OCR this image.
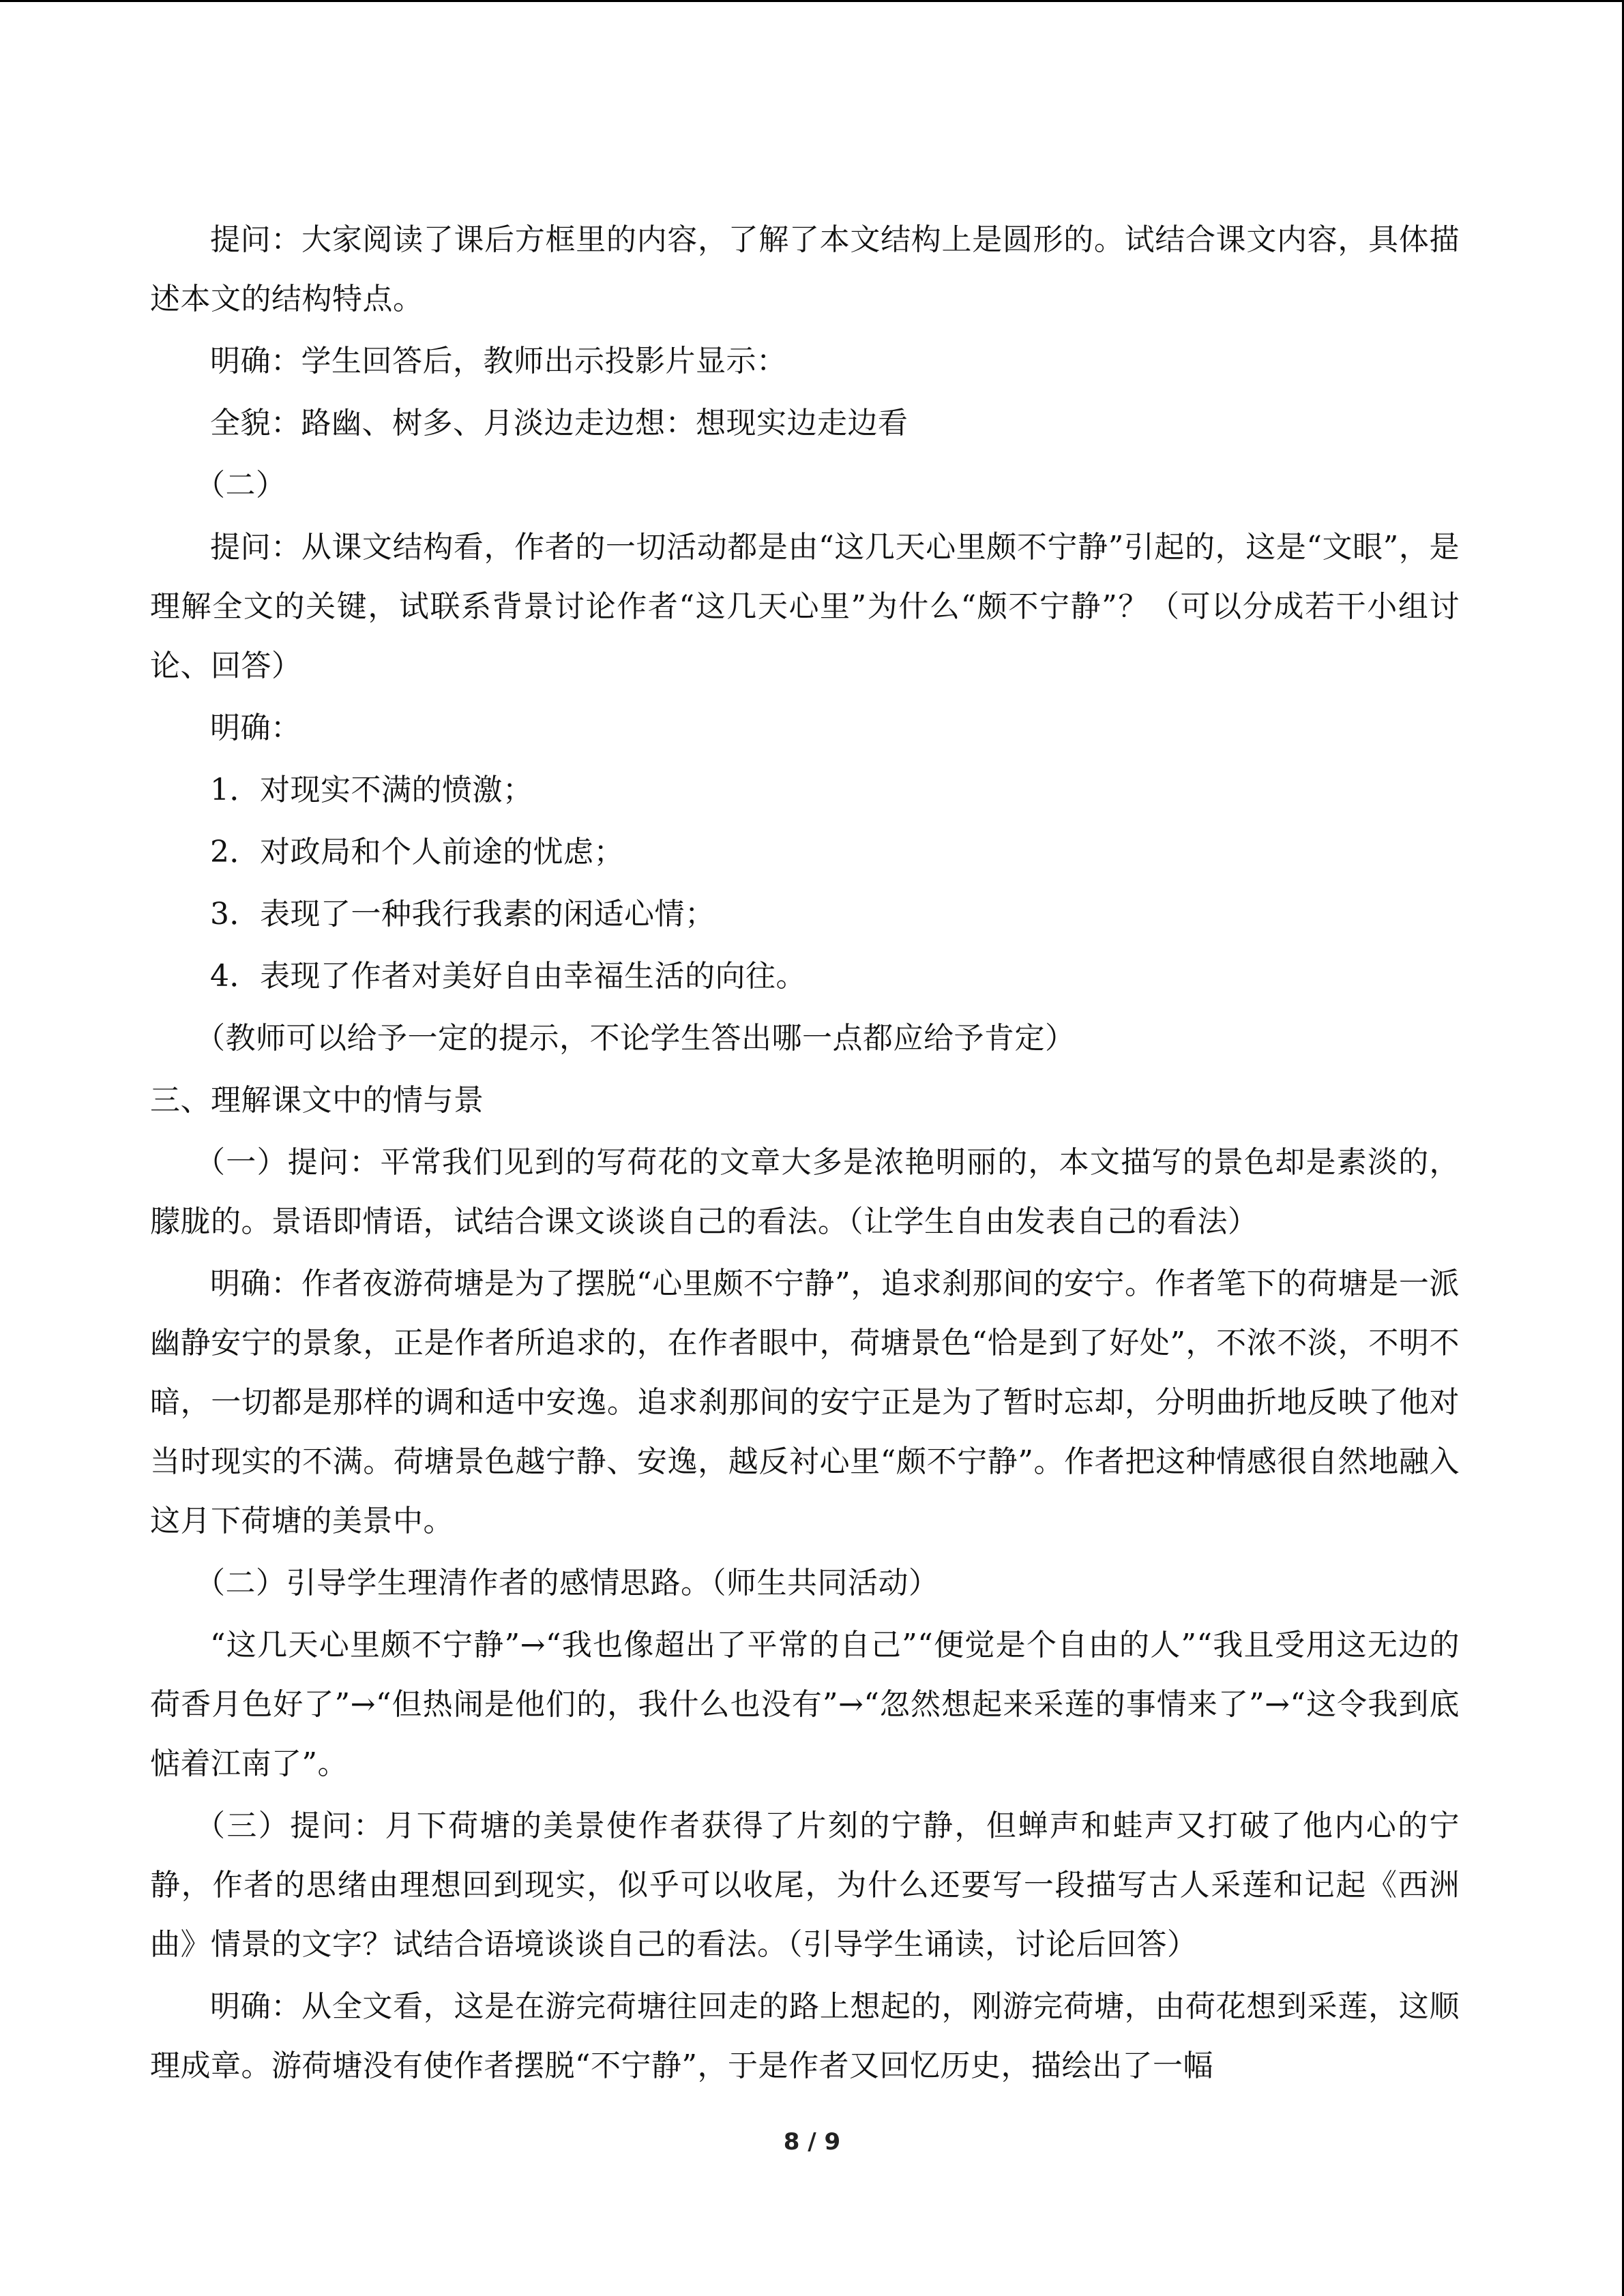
提问：大家阅读了课后方框里的内容，了解了本文结构上是圆形的。试结合课文内容，具体描述本文的结构特点。

明确：学生回答后，教师出示投影片显示：

全貌：路幽、树多、月淡边走边想：想现实边走边看

（二）

提问：从课文结构看，作者的一切活动都是由“这几天心里颇不宁静”引起的，这是“文眼”，是理解全文的关键，试联系背景讨论作者“这几天心里”为什么“颇不宁静”？（可以分成若干小组讨论、回答）

明确：

1．对现实不满的愤激；

2．对政局和个人前途的忧虑；

3．表现了一种我行我素的闲适心情；

4．表现了作者对美好自由幸福生活的向往。

（教师可以给予一定的提示，不论学生答出哪一点都应给予肯定）

三、理解课文中的情与景

（一）提问：平常我们见到的写荷花的文章大多是浓艳明丽的，本文描写的景色却是素淡的，朦胧的。景语即情语，试结合课文谈谈自己的看法。（让学生自由发表自己的看法）

明确：作者夜游荷塘是为了摆脱“心里颇不宁静”，追求刹那间的安宁。作者笔下的荷塘是一派幽静安宁的景象，正是作者所追求的，在作者眼中，荷塘景色“恰是到了好处”，不浓不淡，不明不暗，一切都是那样的调和适中安逸。追求刹那间的安宁正是为了暂时忘却，分明曲折地反映了他对当时现实的不满。荷塘景色越宁静、安逸，越反衬心里“颇不宁静”。作者把这种情感很自然地融入这月下荷塘的美景中。

（二）引导学生理清作者的感情思路。（师生共同活动）

“这几天心里颇不宁静”→“我也像超出了平常的自己”“便觉是个自由的人”“我且受用这无边的荷香月色好了”→“但热闹是他们的，我什么也没有”→“忽然想起来采莲的事情来了”→“这令我到底惦着江南了”。

（三）提问：月下荷塘的美景使作者获得了片刻的宁静，但蝉声和蛙声又打破了他内心的宁静，作者的思绪由理想回到现实，似乎可以收尾，为什么还要写一段描写古人采莲和记起《西洲曲》情景的文字？试结合语境谈谈自己的看法。（引导学生诵读，讨论后回答）

明确：从全文看，这是在游完荷塘往回走的路上想起的，刚游完荷塘，由荷花想到采莲，这顺理成章。游荷塘没有使作者摆脱“不宁静”，于是作者又回忆历史，描绘出了一幅

8 / 9
